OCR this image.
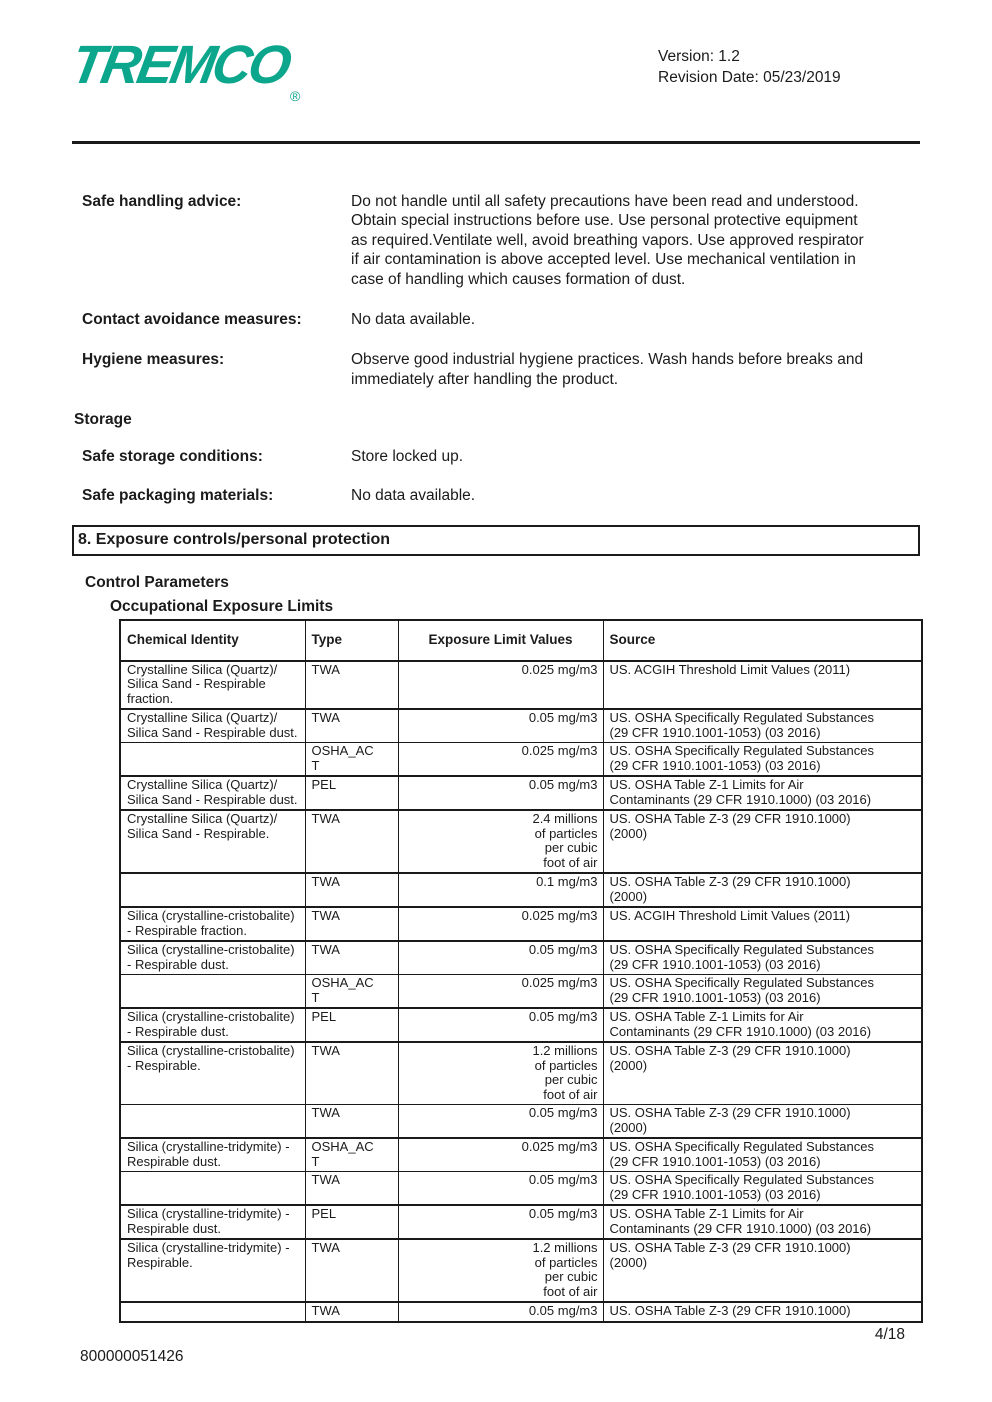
TREMCO®
Version: 1.2
Revision Date: 05/23/2019
Safe handling advice:	Do not handle until all safety precautions have been read and understood. Obtain special instructions before use. Use personal protective equipment as required.Ventilate well, avoid breathing vapors. Use approved respirator if air contamination is above accepted level. Use mechanical ventilation in case of handling which causes formation of dust.
Contact avoidance measures:	No data available.
Hygiene measures:	Observe good industrial hygiene practices. Wash hands before breaks and immediately after handling the product.
Storage
Safe storage conditions:	Store locked up.
Safe packaging materials:	No data available.
8. Exposure controls/personal protection
Control Parameters
Occupational Exposure Limits
Chemical Identity	Type	Exposure Limit Values	Source

Crystalline Silica (Quartz)/ Silica Sand - Respirable fraction.	TWA	0.025 mg/m3	US. ACGIH Threshold Limit Values (2011)

Crystalline Silica (Quartz)/ Silica Sand - Respirable dust.	TWA	0.05 mg/m3	US. OSHA Specifically Regulated Substances (29 CFR 1910.1001-1053) (03 2016)

	OSHA_ACT	0.025 mg/m3	US. OSHA Specifically Regulated Substances (29 CFR 1910.1001-1053) (03 2016)

Crystalline Silica (Quartz)/ Silica Sand - Respirable dust.	PEL	0.05 mg/m3	US. OSHA Table Z-1 Limits for Air Contaminants (29 CFR 1910.1000) (03 2016)

Crystalline Silica (Quartz)/ Silica Sand - Respirable.	TWA	2.4 millions of particles per cubic foot of air	US. OSHA Table Z-3 (29 CFR 1910.1000) (2000)

	TWA	0.1 mg/m3	US. OSHA Table Z-3 (29 CFR 1910.1000) (2000)

Silica (crystalline-cristobalite) - Respirable fraction.	TWA	0.025 mg/m3	US. ACGIH Threshold Limit Values (2011)

Silica (crystalline-cristobalite) - Respirable dust.	TWA	0.05 mg/m3	US. OSHA Specifically Regulated Substances (29 CFR 1910.1001-1053) (03 2016)

	OSHA_ACT	0.025 mg/m3	US. OSHA Specifically Regulated Substances (29 CFR 1910.1001-1053) (03 2016)

Silica (crystalline-cristobalite) - Respirable dust.	PEL	0.05 mg/m3	US. OSHA Table Z-1 Limits for Air Contaminants (29 CFR 1910.1000) (03 2016)

Silica (crystalline-cristobalite) - Respirable.	TWA	1.2 millions of particles per cubic foot of air	US. OSHA Table Z-3 (29 CFR 1910.1000) (2000)

	TWA	0.05 mg/m3	US. OSHA Table Z-3 (29 CFR 1910.1000) (2000)

Silica (crystalline-tridymite) - Respirable dust.	OSHA_ACT	0.025 mg/m3	US. OSHA Specifically Regulated Substances (29 CFR 1910.1001-1053) (03 2016)

	TWA	0.05 mg/m3	US. OSHA Specifically Regulated Substances (29 CFR 1910.1001-1053) (03 2016)

Silica (crystalline-tridymite) - Respirable dust.	PEL	0.05 mg/m3	US. OSHA Table Z-1 Limits for Air Contaminants (29 CFR 1910.1000) (03 2016)

Silica (crystalline-tridymite) - Respirable.	TWA	1.2 millions of particles per cubic foot of air	US. OSHA Table Z-3 (29 CFR 1910.1000) (2000)

	TWA	0.05 mg/m3	US. OSHA Table Z-3 (29 CFR 1910.1000)
4/18
800000051426
